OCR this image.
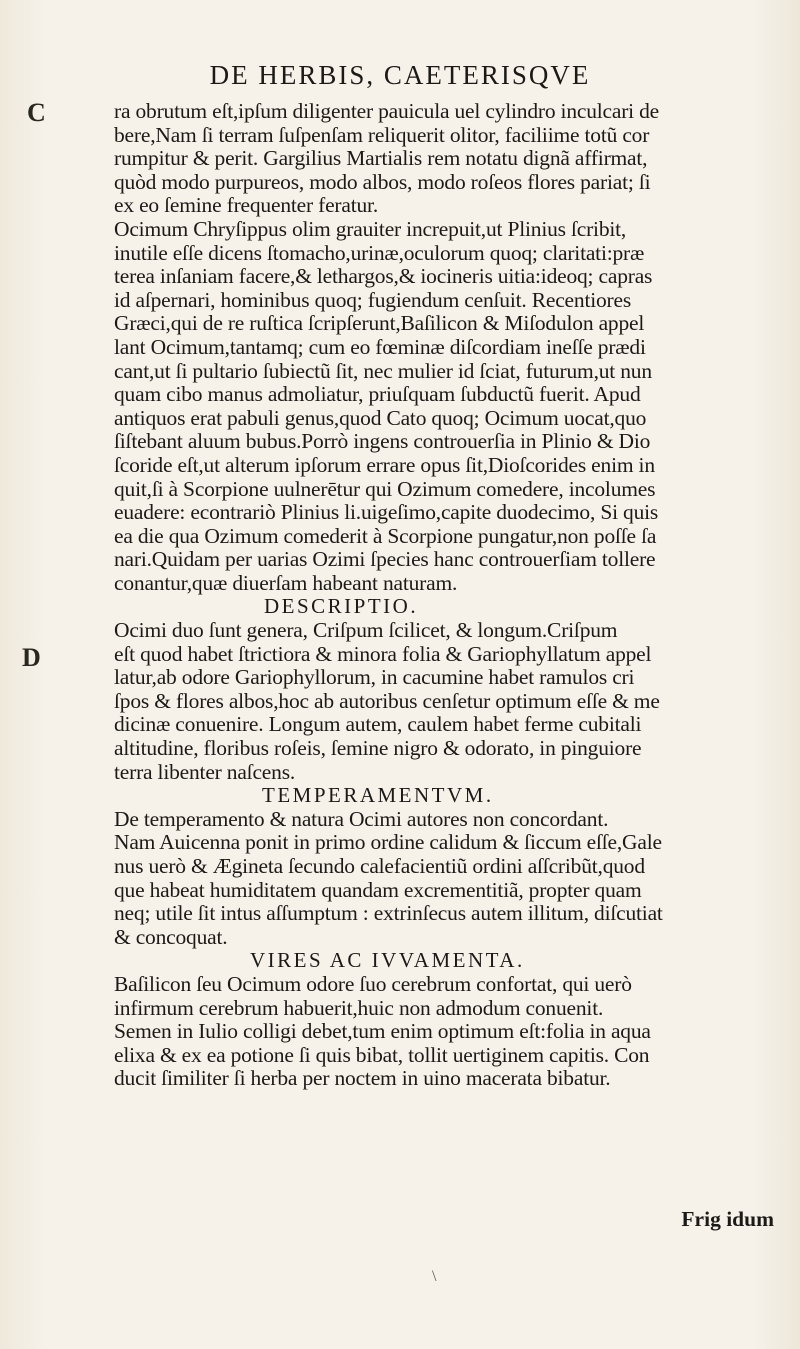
DE HERBIS, CAETERISQVE
C
D
ra obrutum eſt,ipſum diligenter pauicula uel cylindro inculcari de
bere,Nam ſi terram ſuſpenſam reliquerit olitor, faciliime totũ cor
rumpitur & perit. Gargilius Martialis rem notatu dignã affirmat,
quòd modo purpureos, modo albos, modo roſeos flores pariat; ſi
ex eo ſemine frequenter feratur.
Ocimum Chryſippus olim grauiter increpuit,ut Plinius ſcribit,
inutile eſſe dicens ſtomacho,urinæ,oculorum quoq; claritati:præ
terea inſaniam facere,& lethargos,& iocineris uitia:ideoq; capras
id aſpernari, hominibus quoq; fugiendum cenſuit. Recentiores
Græci,qui de re ruſtica ſcripſerunt,Baſilicon & Miſodulon appel
lant Ocimum,tantamq; cum eo fœminæ diſcordiam ineſſe prædi
cant,ut ſi pultario ſubiectũ ſit, nec mulier id ſciat, futurum,ut nun
quam cibo manus admoliatur, priuſquam ſubductũ fuerit. Apud
antiquos erat pabuli genus,quod Cato quoq; Ocimum uocat,quo
ſiſtebant aluum bubus.Porrò ingens controuerſia in Plinio & Dio
ſcoride eſt,ut alterum ipſorum errare opus ſit,Dioſcorides enim in
quit,ſi à Scorpione uulnerētur qui Ozimum comedere, incolumes
euadere: econtrariò Plinius li.uigeſimo,capite duodecimo, Si quis
ea die qua Ozimum comederit à Scorpione pungatur,non poſſe ſa
nari.Quidam per uarias Ozimi ſpecies hanc controuerſiam tollere
conantur,quæ diuerſam habeant naturam.
DESCRIPTIO.
Ocimi duo ſunt genera, Criſpum ſcilicet, & longum.Criſpum
eſt quod habet ſtrictiora & minora folia & Gariophyllatum appel
latur,ab odore Gariophyllorum, in cacumine habet ramulos cri
ſpos & flores albos,hoc ab autoribus cenſetur optimum eſſe & me
dicinæ conuenire. Longum autem, caulem habet ferme cubitali
altitudine, floribus roſeis, ſemine nigro & odorato, in pinguiore
terra libenter naſcens.
TEMPERAMENTVM.
De temperamento & natura Ocimi autores non concordant.
Nam Auicenna ponit in primo ordine calidum & ſiccum eſſe,Gale
nus uerò & Ægineta ſecundo calefacientiũ ordini aſſcribũt,quod
que habeat humiditatem quandam excrementitiã, propter quam
neq; utile ſit intus aſſumptum : extrinſecus autem illitum, diſcutiat
& concoquat.
VIRES AC IVVAMENTA.
Baſilicon ſeu Ocimum odore ſuo cerebrum confortat, qui uerò
infirmum cerebrum habuerit,huic non admodum conuenit.
Semen in Iulio colligi debet,tum enim optimum eſt:folia in aqua
elixa & ex ea potione ſi quis bibat, tollit uertiginem capitis. Con
ducit ſimiliter ſi herba per noctem in uino macerata bibatur.
Frig idum
\
